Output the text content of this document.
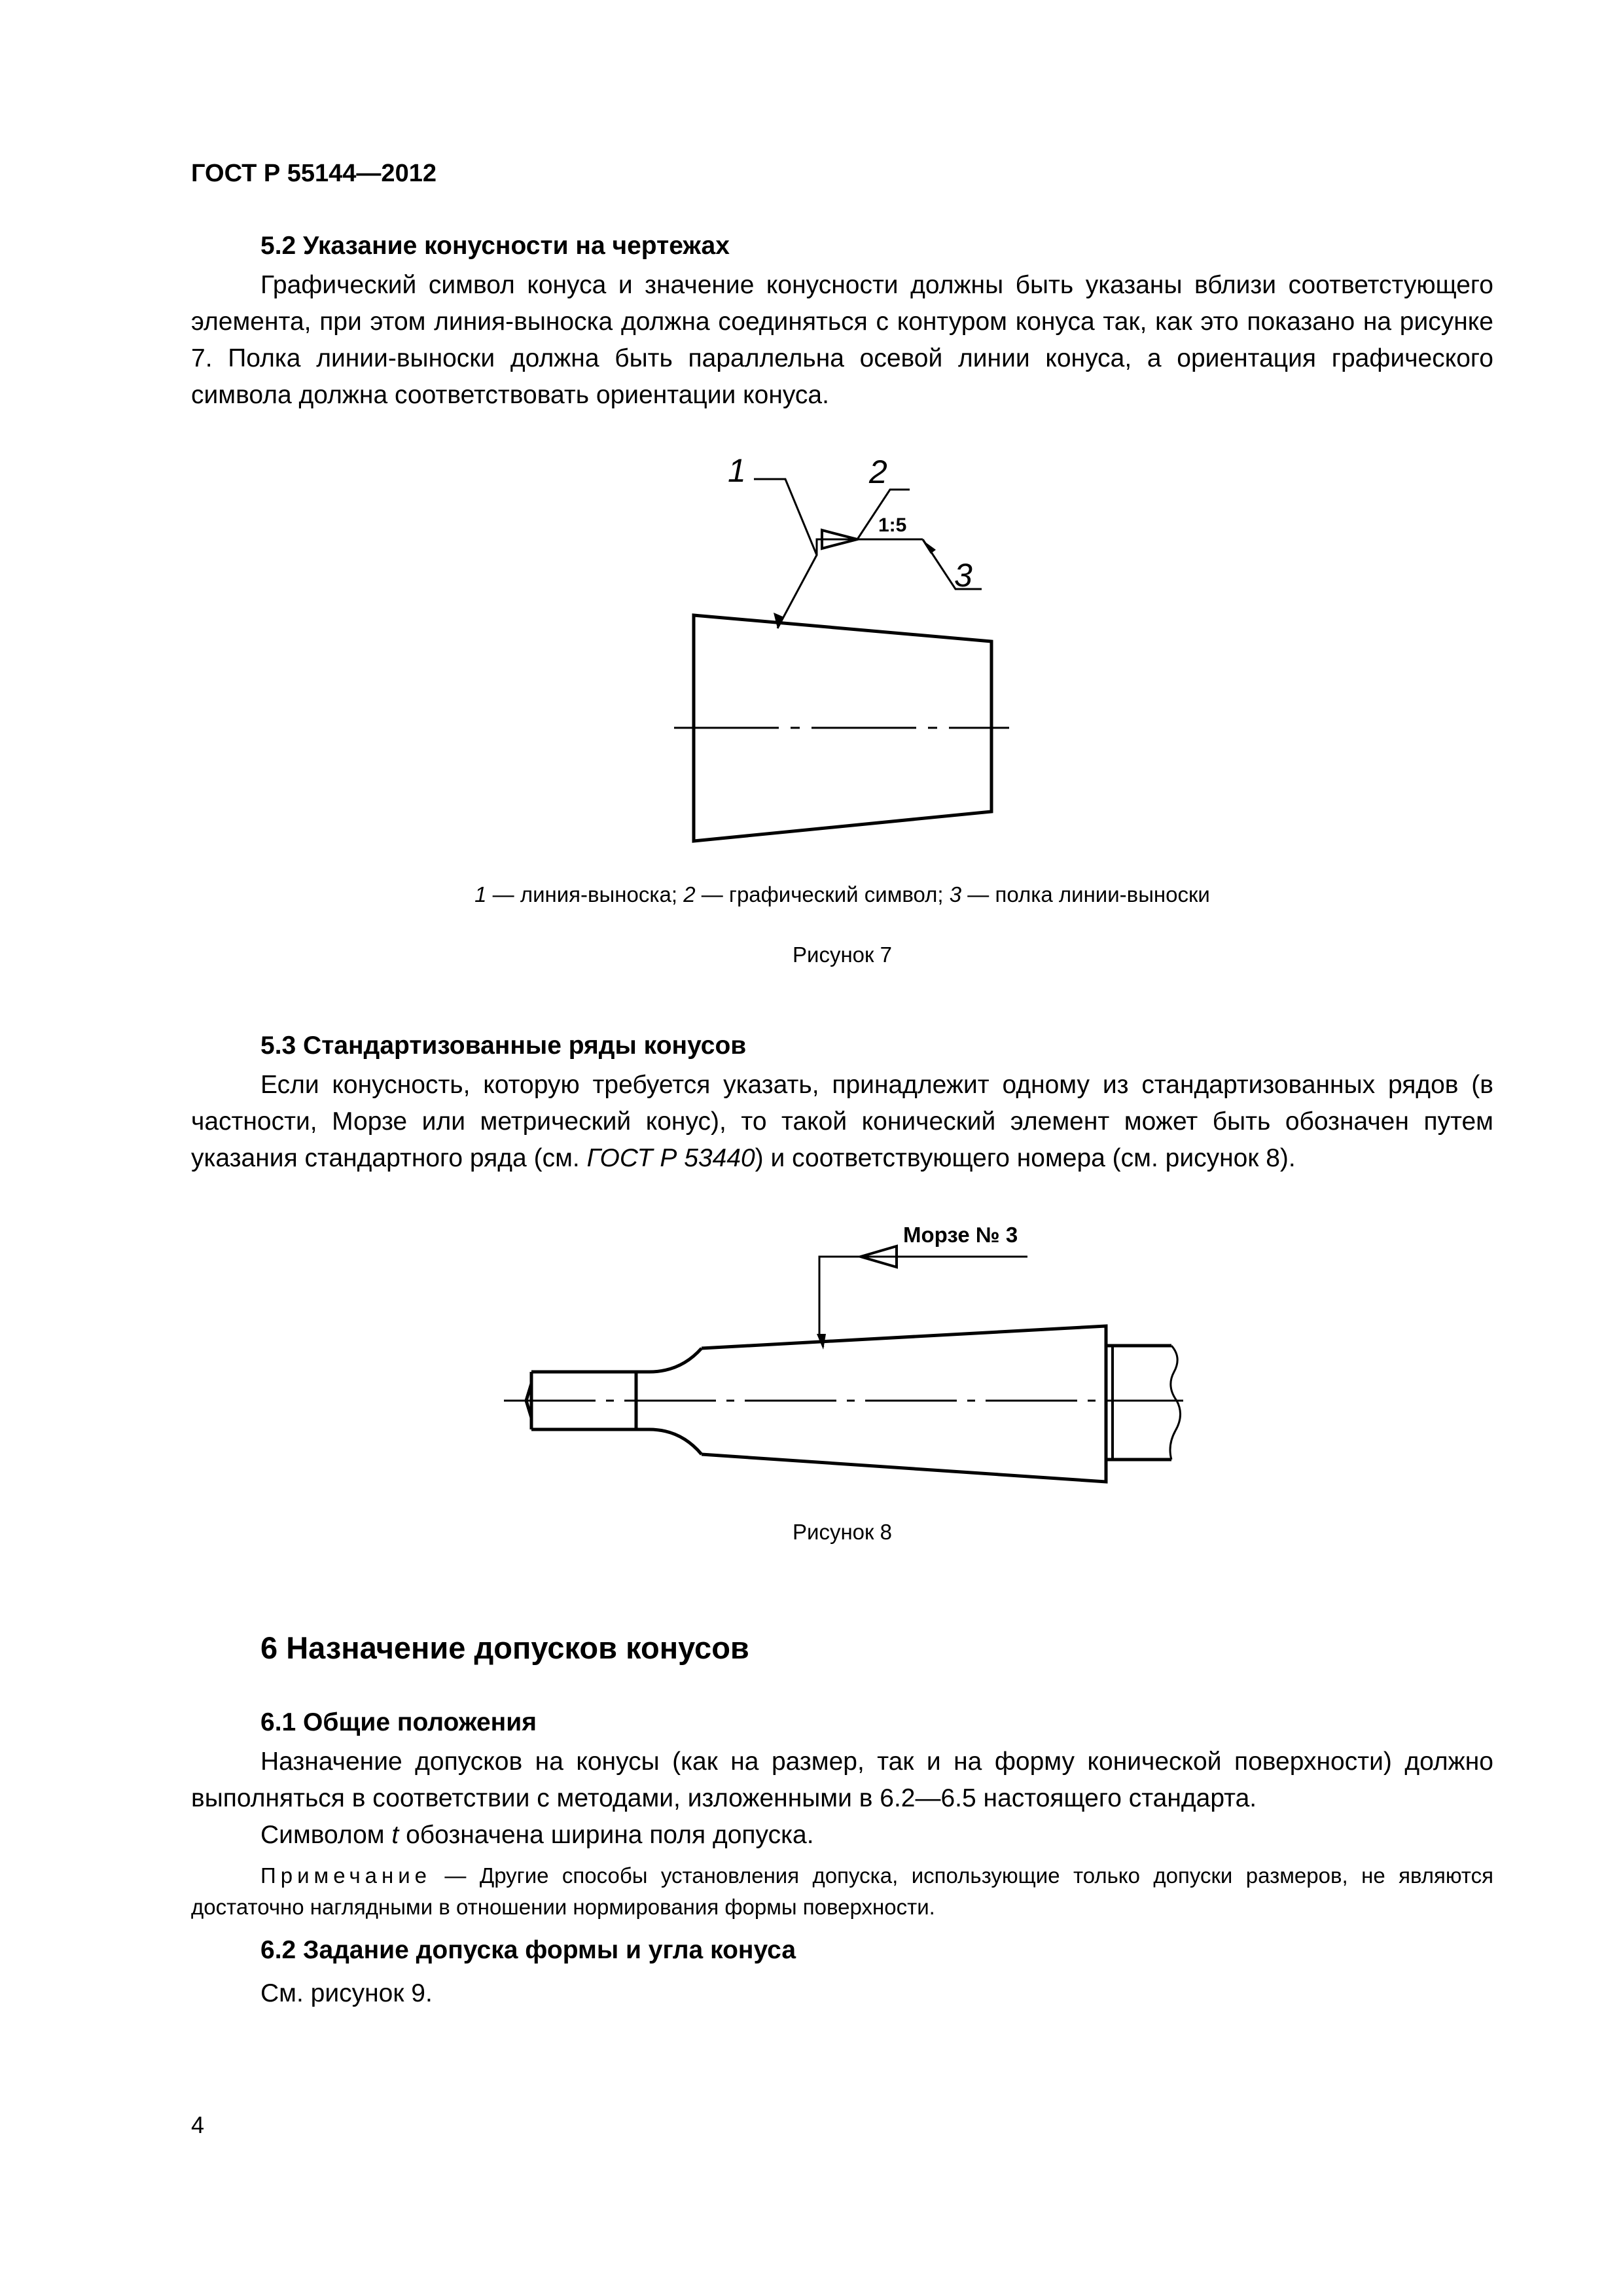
ГОСТ Р 55144—2012
5.2 Указание конусности на чертежах

Графический символ конуса и значение конусности должны быть указаны вблизи соответстующего элемента, при этом линия-выноска должна соединяться с контуром конуса так, как это показано на рисунке 7. Полка линии-выноски должна быть параллельна осевой линии конуса, а ориентация графического символа должна соответствовать ориентации конуса.

1	2
1:5
3
1 — линия-выноска; 2 — графический символ; 3 — полка линии-выноски
Рисунок 7
5.3 Стандартизованные ряды конусов

Если конусность, которую требуется указать, принадлежит одному из стандартизованных рядов (в частности, Морзе или метрический конус), то такой конический элемент может быть обозначен путем указания стандартного ряда (см. ГОСТ Р 53440) и соответствующего номера (см. рисунок 8).

Морзе № 3
Рисунок 8
6 Назначение допусков конусов
6.1 Общие положения

Назначение допусков на конусы (как на размер, так и на форму конической поверхности) должно выполняться в соответствии с методами, изложенными в 6.2—6.5 настоящего стандарта.

Символом t обозначена ширина поля допуска.

Примечание — Другие способы установления допуска, использующие только допуски размеров, не являются достаточно наглядными в отношении нормирования формы поверхности.

6.2 Задание допуска формы и угла конуса

См. рисунок 9.

4
